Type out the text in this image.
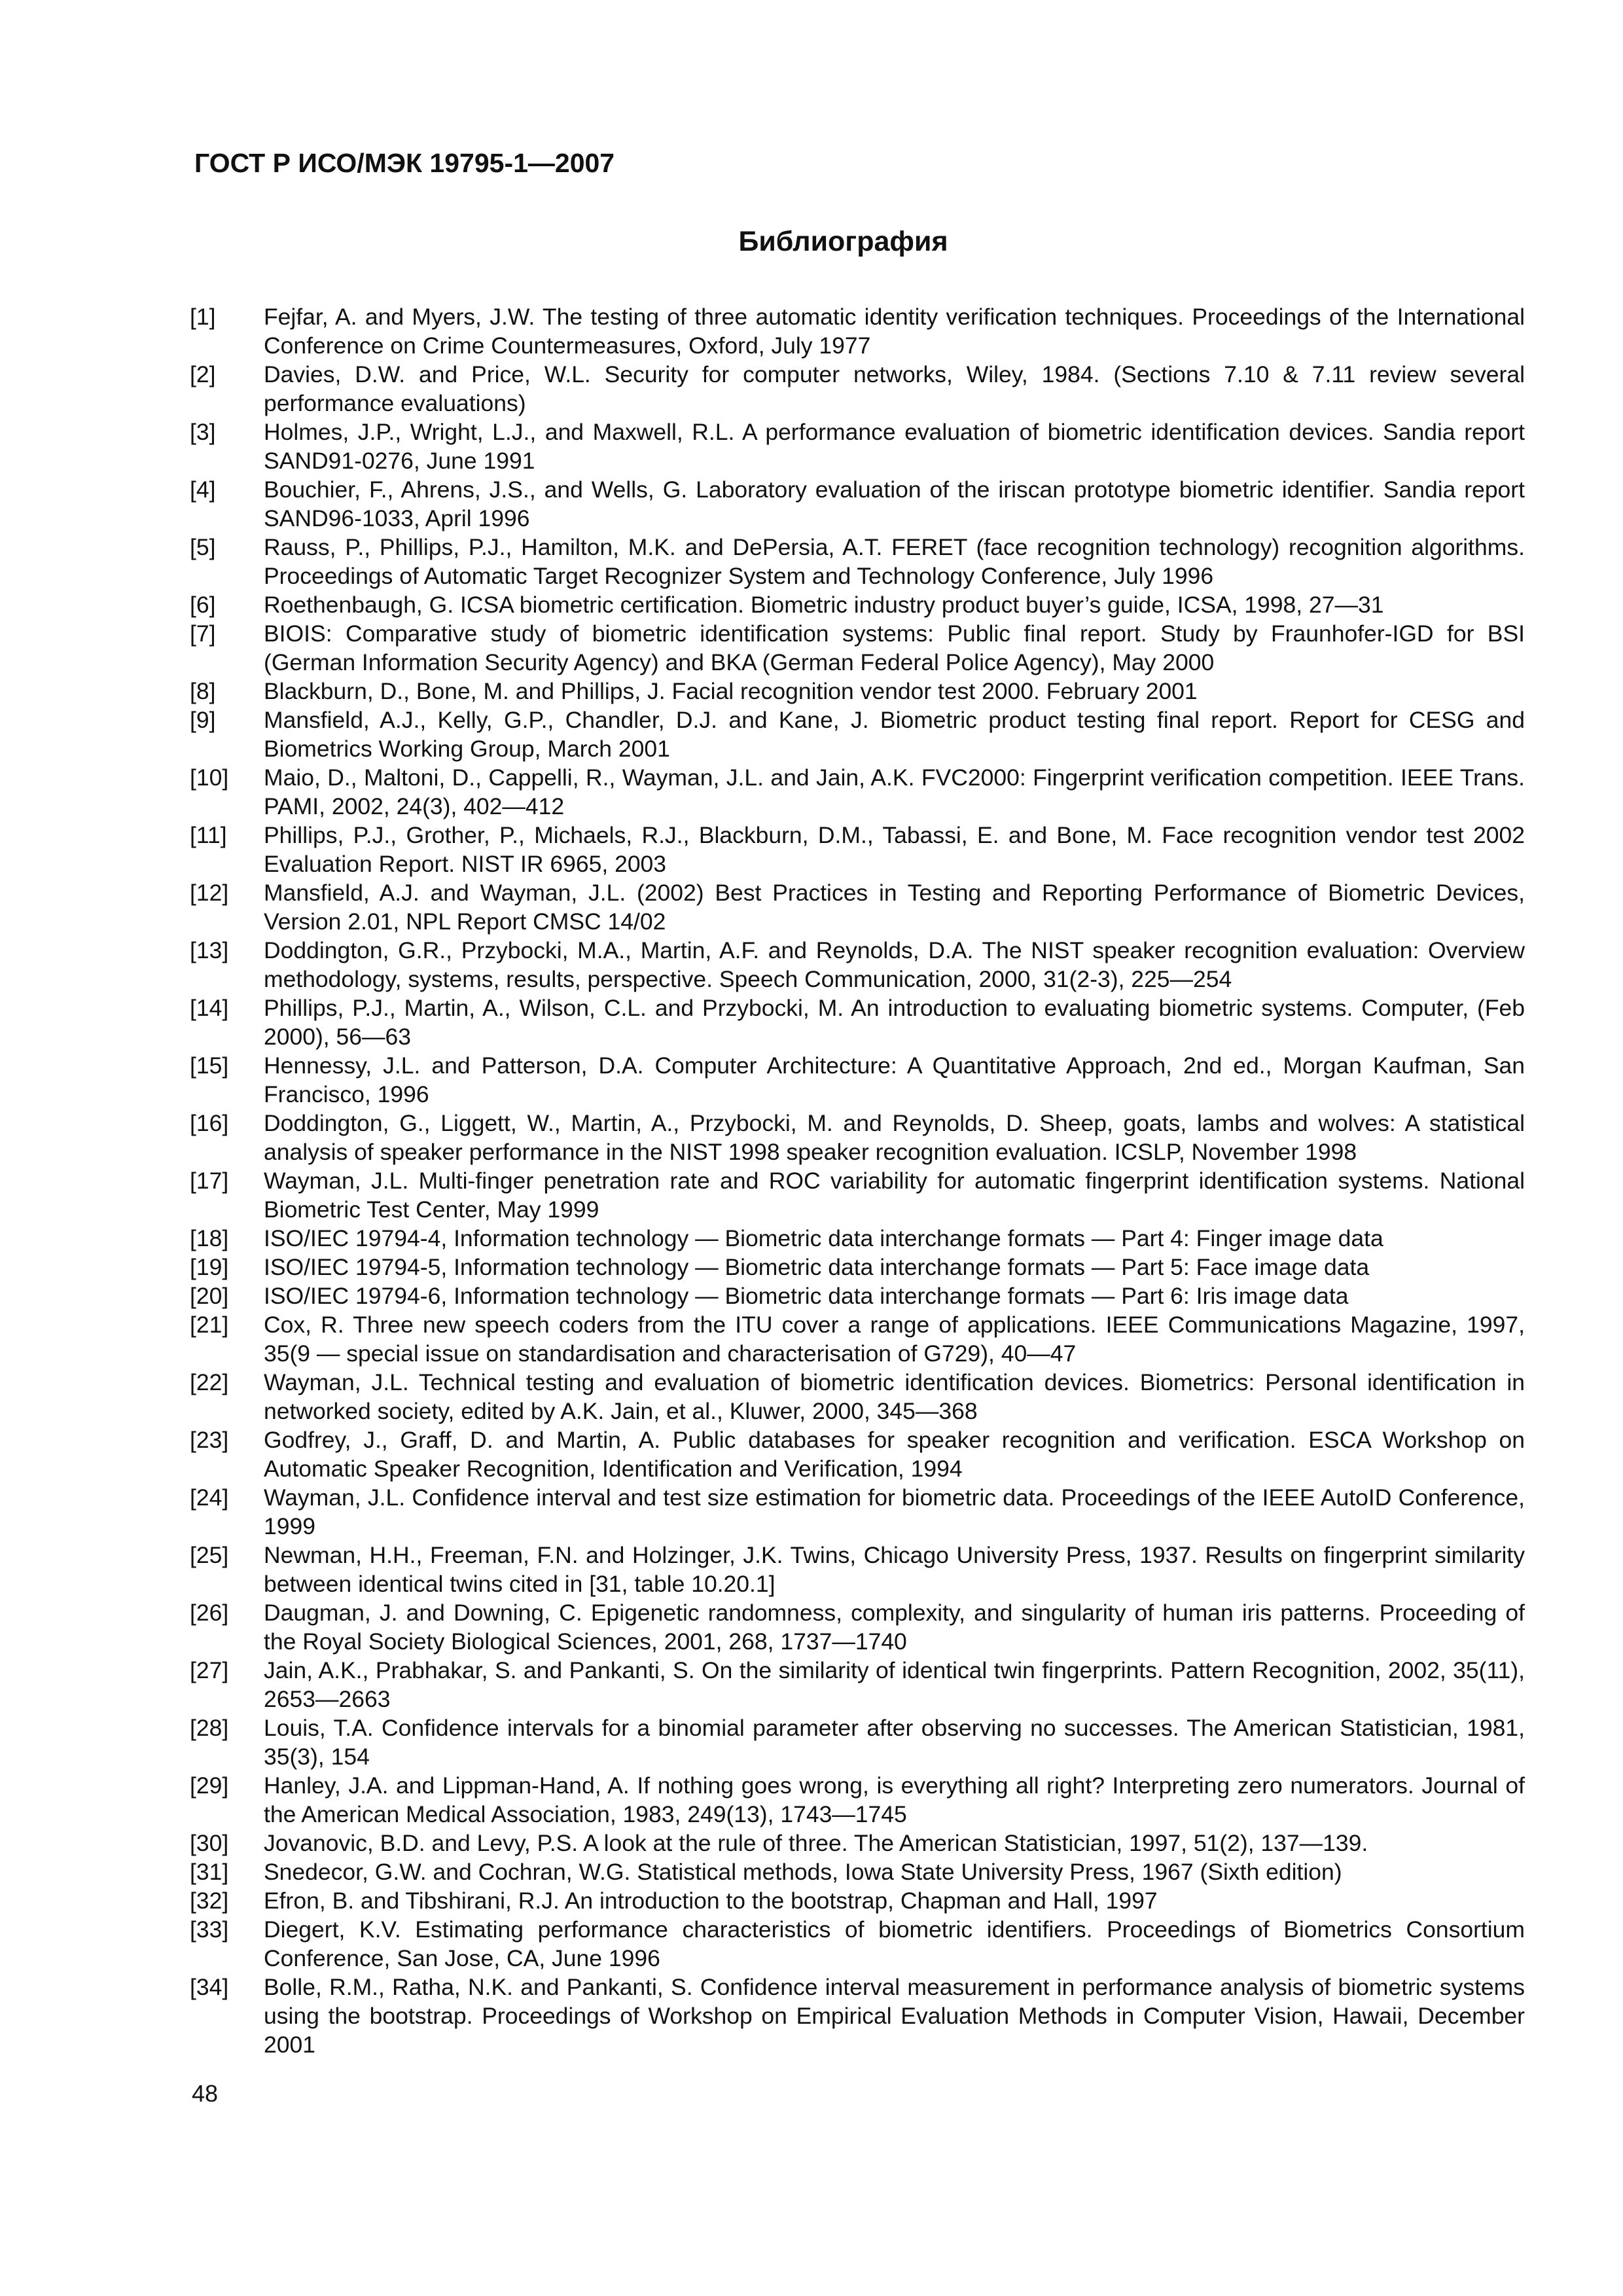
ГОСТ Р ИСО/МЭК 19795-1—2007
Библиография
[1]	Fejfar, A. and Myers, J.W. The testing of three automatic identity verification techniques. Proceedings of the International Conference on Crime Countermeasures, Oxford, July 1977
[2]	Davies, D.W. and Price, W.L. Security for computer networks, Wiley, 1984. (Sections 7.10 & 7.11 review several performance evaluations)
[3]	Holmes, J.P., Wright, L.J., and Maxwell, R.L. A performance evaluation of biometric identification devices. Sandia report SAND91-0276, June 1991
[4]	Bouchier, F., Ahrens, J.S., and Wells, G. Laboratory evaluation of the iriscan prototype biometric identifier. Sandia report SAND96-1033, April 1996
[5]	Rauss, P., Phillips, P.J., Hamilton, M.K. and DePersia, A.T. FERET (face recognition technology) recognition algorithms. Proceedings of Automatic Target Recognizer System and Technology Conference, July 1996
[6]	Roethenbaugh, G. ICSA biometric certification. Biometric industry product buyer’s guide, ICSA, 1998, 27—31
[7]	BIOIS: Comparative study of biometric identification systems: Public final report. Study by Fraunhofer-IGD for BSI (German Information Security Agency) and BKA (German Federal Police Agency), May 2000
[8]	Blackburn, D., Bone, M. and Phillips, J. Facial recognition vendor test 2000. February 2001
[9]	Mansfield, A.J., Kelly, G.P., Chandler, D.J. and Kane, J. Biometric product testing final report. Report for CESG and Biometrics Working Group, March 2001
[10]	Maio, D., Maltoni, D., Cappelli, R., Wayman, J.L. and Jain, A.K. FVC2000: Fingerprint verification competition. IEEE Trans. PAMI, 2002, 24(3), 402—412
[11]	Phillips, P.J., Grother, P., Michaels, R.J., Blackburn, D.M., Tabassi, E. and Bone, M. Face recognition vendor test 2002 Evaluation Report. NIST IR 6965, 2003
[12]	Mansfield, A.J. and Wayman, J.L. (2002) Best Practices in Testing and Reporting Performance of Biometric Devices, Version 2.01, NPL Report CMSC 14/02
[13]	Doddington, G.R., Przybocki, M.A., Martin, A.F. and Reynolds, D.A. The NIST speaker recognition evaluation: Overview methodology, systems, results, perspective. Speech Communication, 2000, 31(2-3), 225—254
[14]	Phillips, P.J., Martin, A., Wilson, C.L. and Przybocki, M. An introduction to evaluating biometric systems. Computer, (Feb 2000), 56—63
[15]	Hennessy, J.L. and Patterson, D.A. Computer Architecture: A Quantitative Approach, 2nd ed., Morgan Kaufman, San Francisco, 1996
[16]	Doddington, G., Liggett, W., Martin, A., Przybocki, M. and Reynolds, D. Sheep, goats, lambs and wolves: A statistical analysis of speaker performance in the NIST 1998 speaker recognition evaluation. ICSLP, November 1998
[17]	Wayman, J.L. Multi-finger penetration rate and ROC variability for automatic fingerprint identification systems. National Biometric Test Center, May 1999
[18]	ISO/IEC 19794-4, Information technology — Biometric data interchange formats — Part 4: Finger image data
[19]	ISO/IEC 19794-5, Information technology — Biometric data interchange formats — Part 5: Face image data
[20]	ISO/IEC 19794-6, Information technology — Biometric data interchange formats — Part 6: Iris image data
[21]	Cox, R. Three new speech coders from the ITU cover a range of applications. IEEE Communications Magazine, 1997, 35(9 — special issue on standardisation and characterisation of G729), 40—47
[22]	Wayman, J.L. Technical testing and evaluation of biometric identification devices. Biometrics: Personal identification in networked society, edited by A.K. Jain, et al., Kluwer, 2000, 345—368
[23]	Godfrey, J., Graff, D. and Martin, A. Public databases for speaker recognition and verification. ESCA Workshop on Automatic Speaker Recognition, Identification and Verification, 1994
[24]	Wayman, J.L. Confidence interval and test size estimation for biometric data. Proceedings of the IEEE AutoID Conference, 1999
[25]	Newman, H.H., Freeman, F.N. and Holzinger, J.K. Twins, Chicago University Press, 1937. Results on fingerprint similarity between identical twins cited in [31, table 10.20.1]
[26]	Daugman, J. and Downing, C. Epigenetic randomness, complexity, and singularity of human iris patterns. Proceeding of the Royal Society Biological Sciences, 2001, 268, 1737—1740
[27]	Jain, A.K., Prabhakar, S. and Pankanti, S. On the similarity of identical twin fingerprints. Pattern Recognition, 2002, 35(11), 2653—2663
[28]	Louis, T.A. Confidence intervals for a binomial parameter after observing no successes. The American Statistician, 1981, 35(3), 154
[29]	Hanley, J.A. and Lippman-Hand, A. If nothing goes wrong, is everything all right? Interpreting zero numerators. Journal of the American Medical Association, 1983, 249(13), 1743—1745
[30]	Jovanovic, B.D. and Levy, P.S. A look at the rule of three. The American Statistician, 1997, 51(2), 137—139.
[31]	Snedecor, G.W. and Cochran, W.G. Statistical methods, Iowa State University Press, 1967 (Sixth edition)
[32]	Efron, B. and Tibshirani, R.J. An introduction to the bootstrap, Chapman and Hall, 1997
[33]	Diegert, K.V. Estimating performance characteristics of biometric identifiers. Proceedings of Biometrics Consortium Conference, San Jose, CA, June 1996
[34]	Bolle, R.M., Ratha, N.K. and Pankanti, S. Confidence interval measurement in performance analysis of biometric systems using the bootstrap. Proceedings of Workshop on Empirical Evaluation Methods in Computer Vision, Hawaii, December 2001
48
